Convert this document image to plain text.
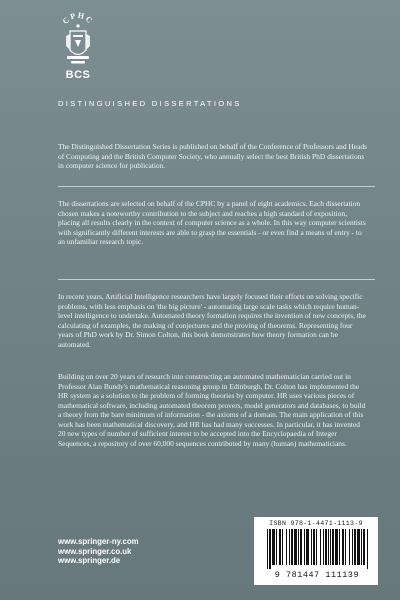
CPHC
BCS
DISTINGUISHED DISSERTATIONS

The Distinguished Dissertation Series is published on behalf of the Conference of Professors and Heads of Computing and the British Computer Society, who annually select the best British PhD dissertations in computer science for publication.

The dissertations are selected on behalf of the CPHC by a panel of eight academics. Each dissertation chosen makes a noteworthy contribution to the subject and reaches a high standard of exposition, placing all results clearly in the context of computer science as a whole. In this way computer scientists with significantly different interests are able to grasp the essentials - or even find a means of entry - to an unfamiliar research topic.

In recent years, Artificial Intelligence researchers have largely focused their efforts on solving specific problems, with less emphasis on 'the big picture' - automating large scale tasks which require human-level intelligence to undertake. Automated theory formation requires the invention of new concepts, the calculating of examples, the making of conjectures and the proving of theorems. Representing four years of PhD work by Dr. Simon Colton, this book demonstrates how theory formation can be automated.

Building on over 20 years of research into constructing an automated mathematician carried out in Professor Alan Bundy's mathematical reasoning group in Edinburgh, Dr. Colton has implemented the HR system as a solution to the problem of forming theories by computer. HR uses various pieces of mathematical software, including automated theorem provers, model generators and databases, to build a theory from the bare minimum of information - the axioms of a domain. The main application of this work has been mathematical discovery, and HR has had many successes. In particular, it has invented 20 new types of number of sufficient interest to be accepted into the Encyclopaedia of Integer Sequences, a repository of over 60,000 sequences contributed by many (human) mathematicians.

www.springer-ny.com
www.springer.co.uk
www.springer.de
ISBN 978-1-4471-1113-9
9 781447 111139
